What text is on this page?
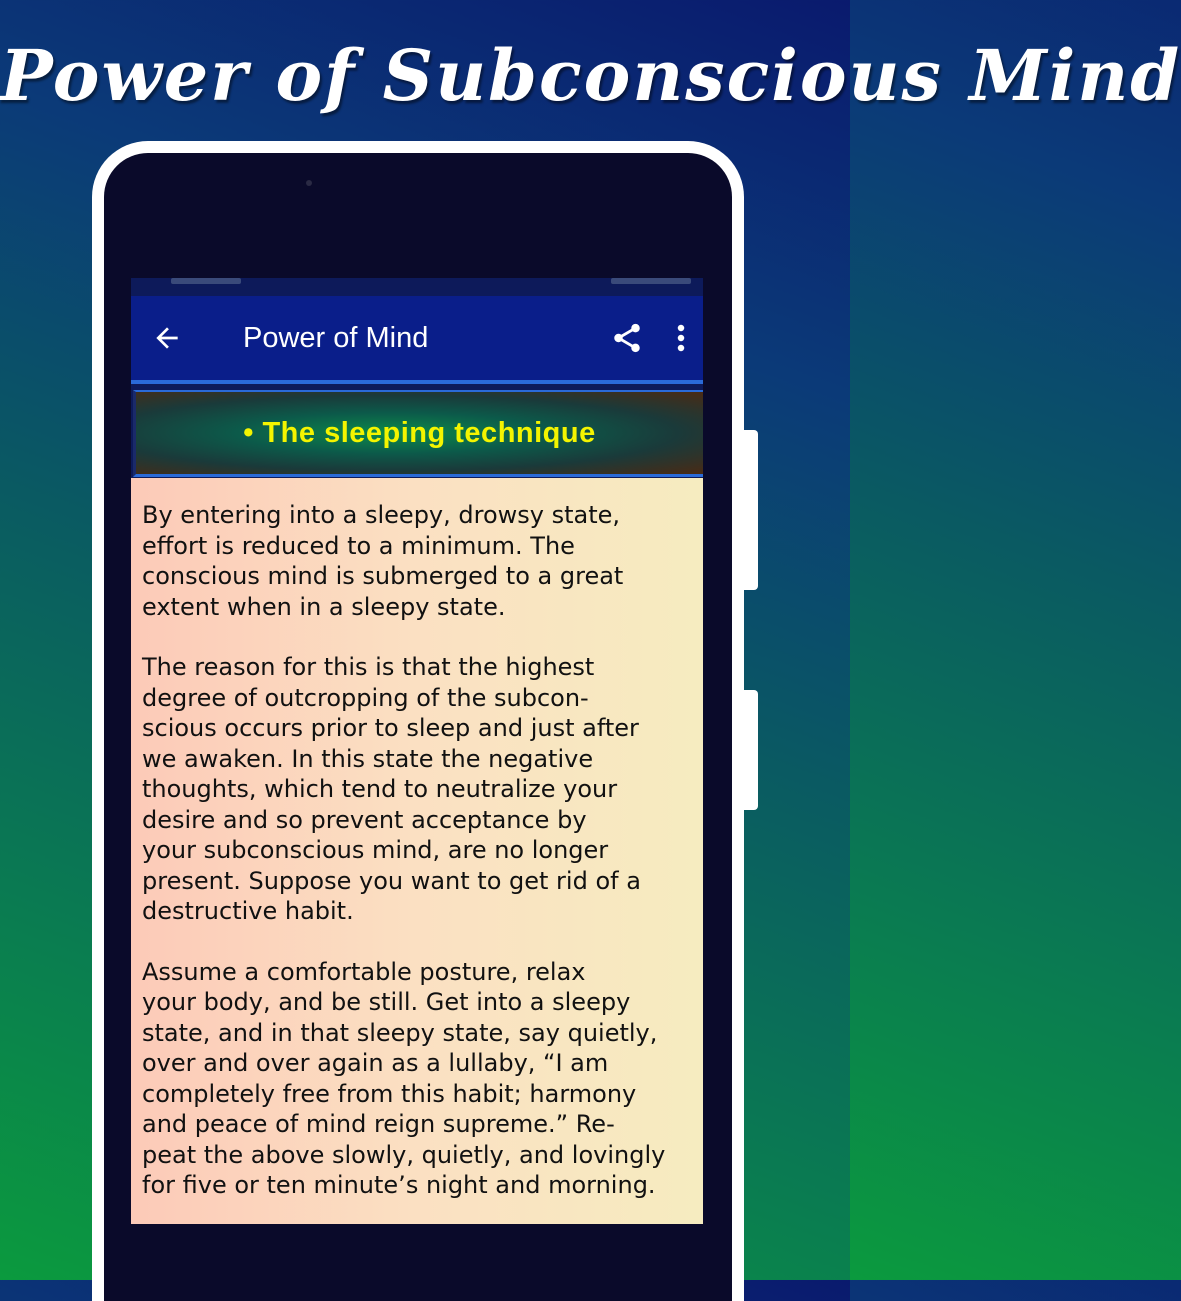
Power of Subconscious Mind
Power of Mind
• The sleeping technique

By entering into a sleepy, drowsy state,
effort is reduced to a minimum. The
conscious mind is submerged to a great
extent when in a sleepy state.

The reason for this is that the highest
degree of outcropping of the subcon-
scious occurs prior to sleep and just after
we awaken. In this state the negative
thoughts, which tend to neutralize your
desire and so prevent acceptance by
your subconscious mind, are no longer
present. Suppose you want to get rid of a
destructive habit.

Assume a comfortable posture, relax
your body, and be still. Get into a sleepy
state, and in that sleepy state, say quietly,
over and over again as a lullaby, “I am
completely free from this habit; harmony
and peace of mind reign supreme.” Re-
peat the above slowly, quietly, and lovingly
for five or ten minute’s night and morning.
